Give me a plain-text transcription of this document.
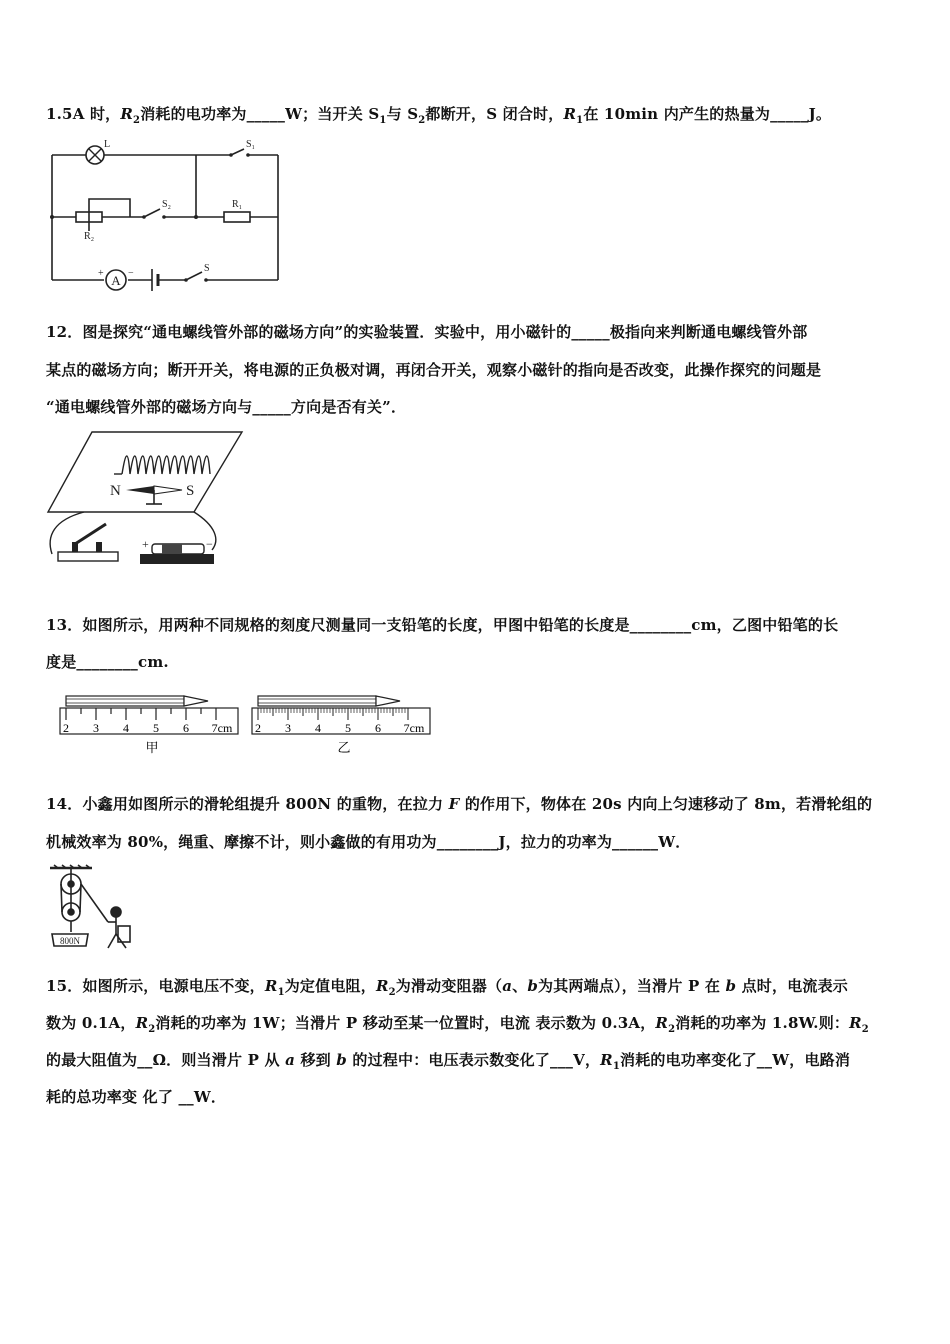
1.5A 时，$R_2$消耗的电功率为_____W；当开关 $S_1$与 $S_2$都断开，S 闭合时，$R_1$在 10min 内产生的热量为_____J。
A
L	S₁
S₂	R₁
R₂
+ −	S
12．图是探究“通电螺线管外部的磁场方向”的实验装置．实验中，用小磁针的_____极指向来判断通电螺线管外部
某点的磁场方向；断开开关，将电源的正负极对调，再闭合开关，观察小磁针的指向是否改变，此操作探究的问题是
“通电螺线管外部的磁场方向与_____方向是否有关”．
N	S
+	−
13．如图所示，用两种不同规格的刻度尺测量同一支铅笔的长度，甲图中铅笔的长度是________cm，乙图中铅笔的长
度是________cm.
2 3 4 5 6 7cm
甲
2 3 4 5 6 7cm
乙
14．小鑫用如图所示的滑轮组提升 800N 的重物，在拉力 F 的作用下，物体在 20s 内向上匀速移动了 8m，若滑轮组的
机械效率为 80%，绳重、摩擦不计，则小鑫做的有用功为________J，拉力的功率为______W．
800N
15．如图所示，电源电压不变，$R_1$为定值电阻，$R_2$为滑动变阻器（a、b为其两端点），当滑片 P 在 b 点时，电流表示
数为 0.1A，$R_2$消耗的功率为 1W；当滑片 P 移动至某一位置时，电流 表示数为 0.3A，$R_2$消耗的功率为 1.8W.则：$R_2$
的最大阻值为__Ω．则当滑片 P 从 a 移到 b 的过程中：电压表示数变化了___V，$R_1$消耗的电功率变化了__W，电路消
耗的总功率变 化了 __W．
